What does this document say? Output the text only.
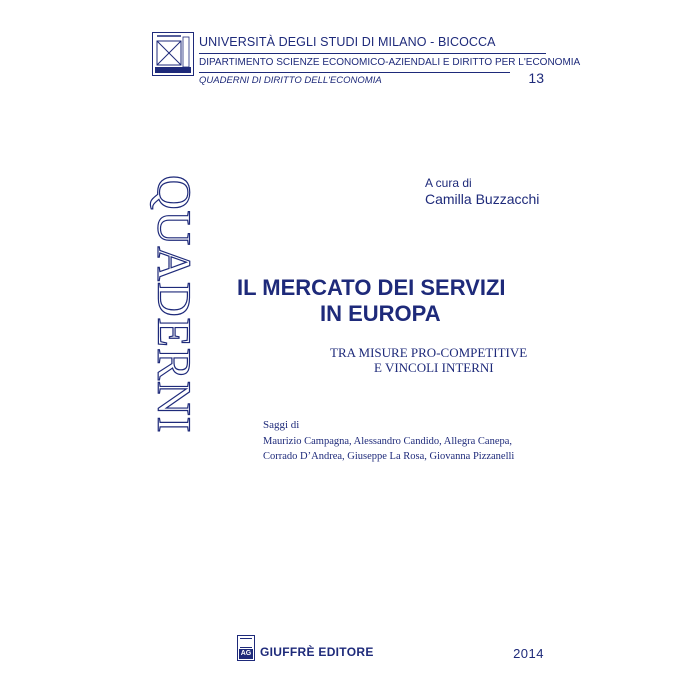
UNIVERSITÀ DEGLI STUDI DI MILANO - BICOCCA
DIPARTIMENTO SCIENZE ECONOMICO-AZIENDALI E DIRITTO PER L'ECONOMIA
QUADERNI DI DIRITTO DELL'ECONOMIA	13
QUADERNI	A cura di
Camilla Buzzacchi
IL MERCATO DEI SERVIZI
IN EUROPA
TRA MISURE PRO-COMPETITIVE
E VINCOLI INTERNI
Saggi di
Maurizio Campagna, Alessandro Candido, Allegra Canepa,
Corrado D’Andrea, Giuseppe La Rosa, Giovanna Pizzanelli
AG GIUFFRÈ EDITORE	2014
